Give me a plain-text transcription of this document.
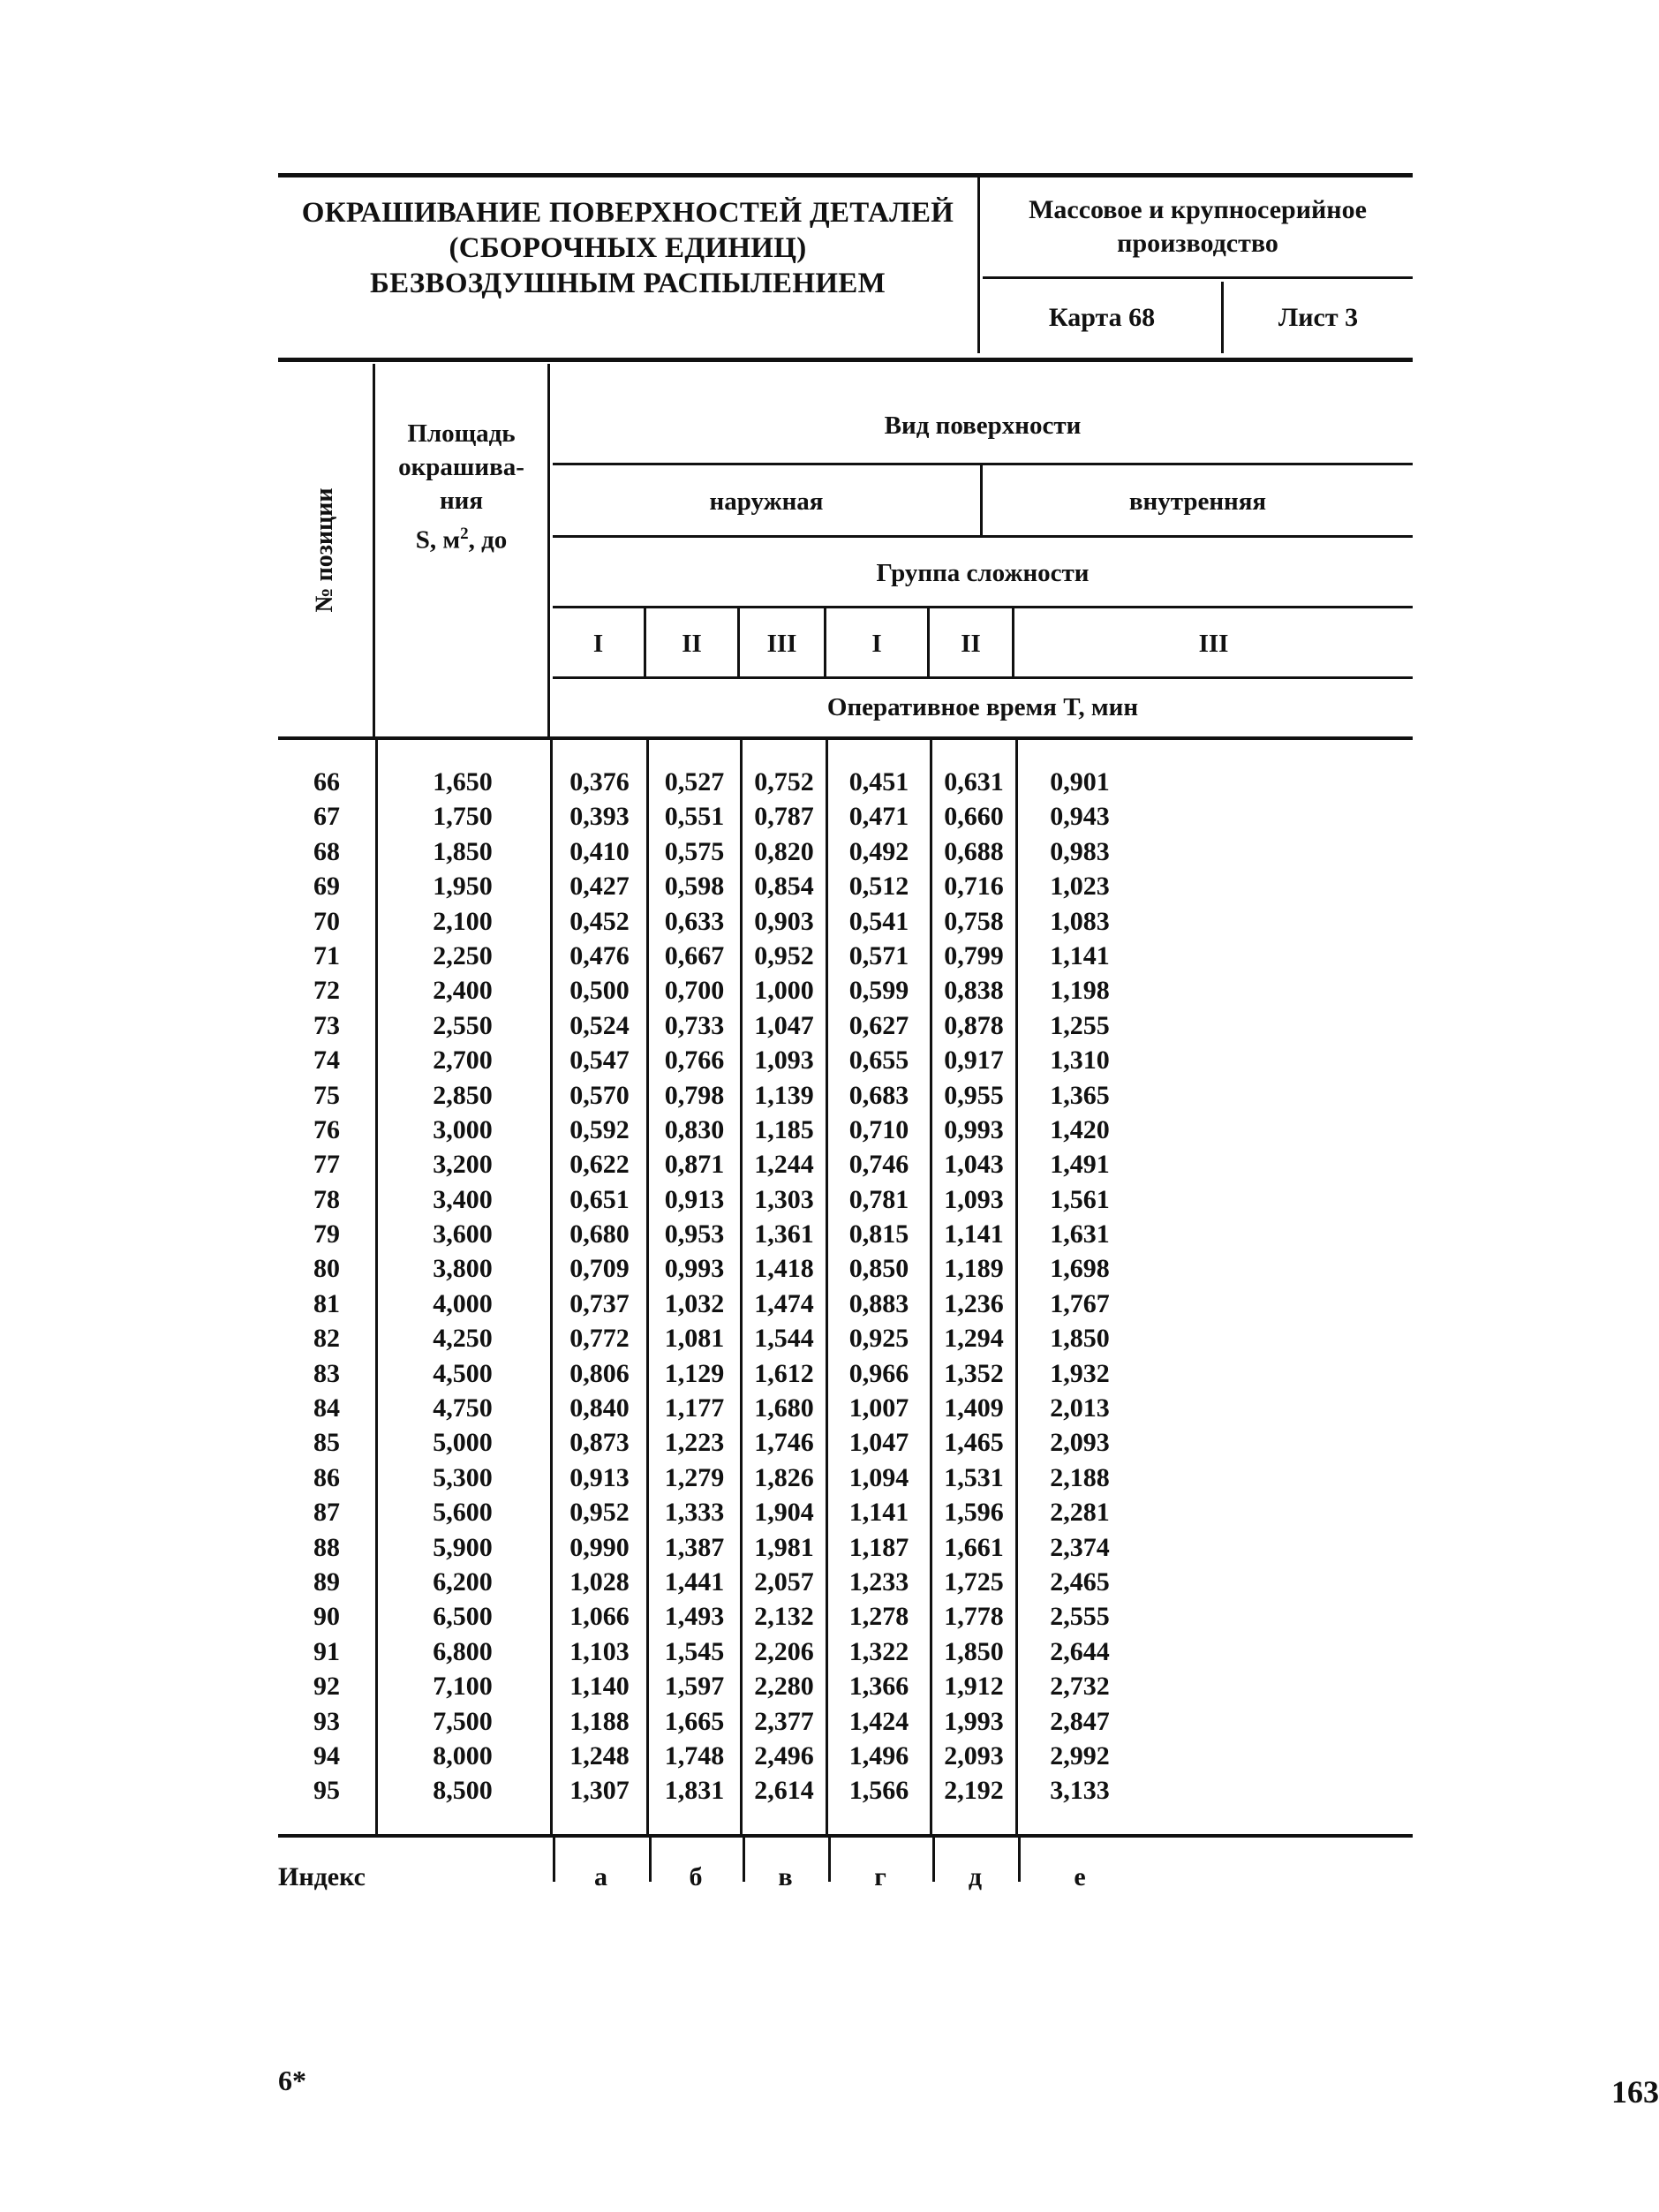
ОКРАШИВАНИЕ ПОВЕРХНОСТЕЙ ДЕТАЛЕЙ
(СБОРОЧНЫХ ЕДИНИЦ)
БЕЗВОЗДУШНЫМ РАСПЫЛЕНИЕМ
Массовое и крупносерийное
производство
Карта 68	Лист 3
№ позиции
Площадь
окрашива-
ния
S, $м^2$, до
Вид поверхности
наружная	внутренняя
Группа сложности
I	II	III	I	II	III
Оперативное время T, мин
66	1,650	0,376	0,527	0,752	0,451	0,631	0,901
67	1,750	0,393	0,551	0,787	0,471	0,660	0,943
68	1,850	0,410	0,575	0,820	0,492	0,688	0,983
69	1,950	0,427	0,598	0,854	0,512	0,716	1,023
70	2,100	0,452	0,633	0,903	0,541	0,758	1,083
71	2,250	0,476	0,667	0,952	0,571	0,799	1,141
72	2,400	0,500	0,700	1,000	0,599	0,838	1,198
73	2,550	0,524	0,733	1,047	0,627	0,878	1,255
74	2,700	0,547	0,766	1,093	0,655	0,917	1,310
75	2,850	0,570	0,798	1,139	0,683	0,955	1,365
76	3,000	0,592	0,830	1,185	0,710	0,993	1,420
77	3,200	0,622	0,871	1,244	0,746	1,043	1,491
78	3,400	0,651	0,913	1,303	0,781	1,093	1,561
79	3,600	0,680	0,953	1,361	0,815	1,141	1,631
80	3,800	0,709	0,993	1,418	0,850	1,189	1,698
81	4,000	0,737	1,032	1,474	0,883	1,236	1,767
82	4,250	0,772	1,081	1,544	0,925	1,294	1,850
83	4,500	0,806	1,129	1,612	0,966	1,352	1,932
84	4,750	0,840	1,177	1,680	1,007	1,409	2,013
85	5,000	0,873	1,223	1,746	1,047	1,465	2,093
86	5,300	0,913	1,279	1,826	1,094	1,531	2,188
87	5,600	0,952	1,333	1,904	1,141	1,596	2,281
88	5,900	0,990	1,387	1,981	1,187	1,661	2,374
89	6,200	1,028	1,441	2,057	1,233	1,725	2,465
90	6,500	1,066	1,493	2,132	1,278	1,778	2,555
91	6,800	1,103	1,545	2,206	1,322	1,850	2,644
92	7,100	1,140	1,597	2,280	1,366	1,912	2,732
93	7,500	1,188	1,665	2,377	1,424	1,993	2,847
94	8,000	1,248	1,748	2,496	1,496	2,093	2,992
95	8,500	1,307	1,831	2,614	1,566	2,192	3,133
Индекс	а	б	в	г	д	е
6*	163
